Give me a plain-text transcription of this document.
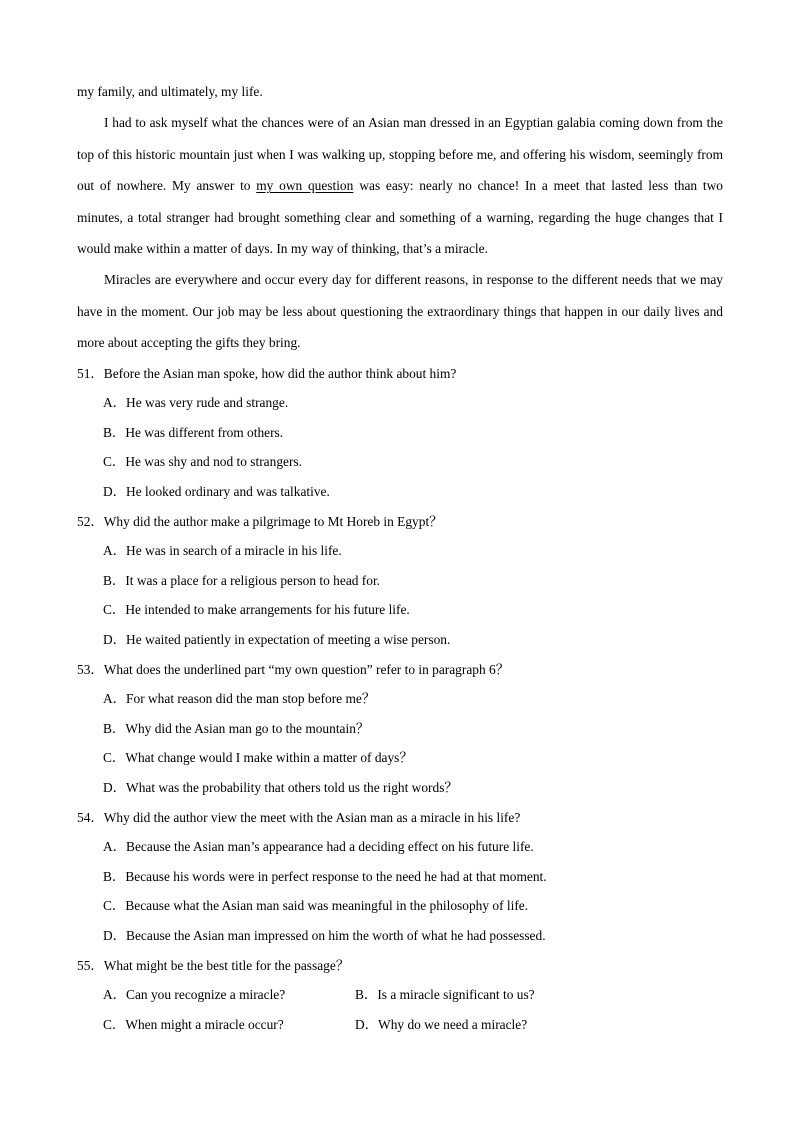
my family, and ultimately, my life.

I had to ask myself what the chances were of an Asian man dressed in an Egyptian galabia coming down from the top of this historic mountain just when I was walking up, stopping before me, and offering his wisdom, seemingly from out of nowhere. My answer to my own question was easy: nearly no chance! In a meet that lasted less than two minutes, a total stranger had brought something clear and something of a warning, regarding the huge changes that I would make within a matter of days. In my way of thinking, that’s a miracle.

Miracles are everywhere and occur every day for different reasons, in response to the different needs that we may have in the moment. Our job may be less about questioning the extraordinary things that happen in our daily lives and more about accepting the gifts they bring.

51．Before the Asian man spoke, how did the author think about him?
A．He was very rude and strange.
B．He was different from others.
C．He was shy and nod to strangers.
D．He looked ordinary and was talkative.
52．Why did the author make a pilgrimage to Mt Horeb in Egypt？
A．He was in search of a miracle in his life.
B．It was a place for a religious person to head for.
C．He intended to make arrangements for his future life.
D．He waited patiently in expectation of meeting a wise person.
53．What does the underlined part “my own question” refer to in paragraph 6？
A．For what reason did the man stop before me？
B．Why did the Asian man go to the mountain？
C．What change would I make within a matter of days？
D．What was the probability that others told us the right words？
54．Why did the author view the meet with the Asian man as a miracle in his life?
A．Because the Asian man’s appearance had a deciding effect on his future life.
B．Because his words were in perfect response to the need he had at that moment.
C．Because what the Asian man said was meaningful in the philosophy of life.
D．Because the Asian man impressed on him the worth of what he had possessed.
55．What might be the best title for the passage？
A．Can you recognize a miracle?	B．Is a miracle significant to us?
C．When might a miracle occur?	D．Why do we need a miracle?
